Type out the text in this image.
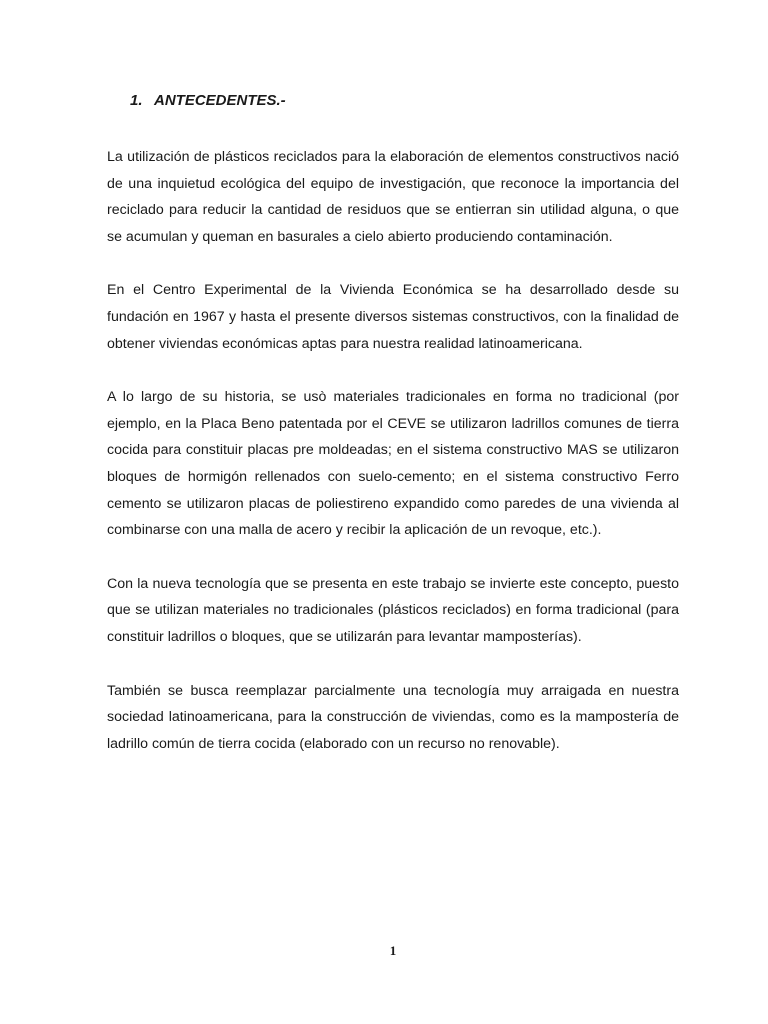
1. ANTECEDENTES.-

La utilización de plásticos reciclados para la elaboración de elementos constructivos nació de una inquietud ecológica del equipo de investigación, que reconoce la importancia del reciclado para reducir la cantidad de residuos que se entierran sin utilidad alguna, o que se acumulan y queman en basurales a cielo abierto produciendo contaminación.

En el Centro Experimental de la Vivienda Económica se ha desarrollado desde su fundación en 1967 y hasta el presente diversos sistemas constructivos, con la finalidad de obtener viviendas económicas aptas para nuestra realidad latinoamericana.

A lo largo de su historia, se usò materiales tradicionales en forma no tradicional (por ejemplo, en la Placa Beno patentada por el CEVE se utilizaron ladrillos comunes de tierra cocida para constituir placas pre moldeadas; en el sistema constructivo MAS se utilizaron bloques de hormigón rellenados con suelo-cemento; en el sistema constructivo Ferro cemento se utilizaron placas de poliestireno expandido como paredes de una vivienda al combinarse con una malla de acero y recibir la aplicación de un revoque, etc.).

Con la nueva tecnología que se presenta en este trabajo se invierte este concepto, puesto que se utilizan materiales no tradicionales (plásticos reciclados) en forma tradicional (para constituir ladrillos o bloques, que se utilizarán para levantar mamposterías).

También se busca reemplazar parcialmente una tecnología muy arraigada en nuestra sociedad latinoamericana, para la construcción de viviendas, como es la mampostería de ladrillo común de tierra cocida (elaborado con un recurso no renovable).

1
